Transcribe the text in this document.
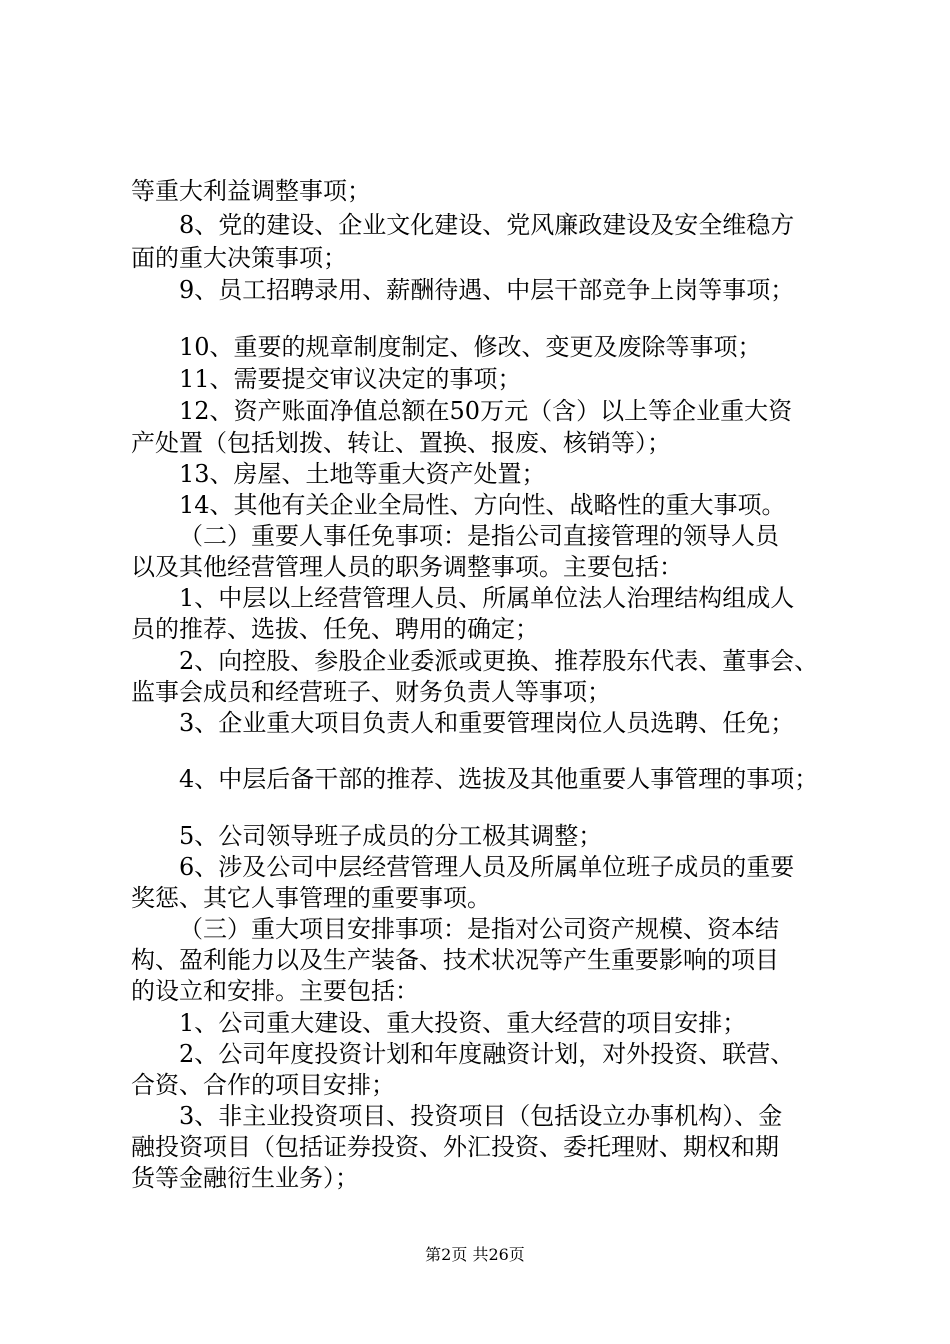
等重大利益调整事项；
8、党的建设、企业文化建设、党风廉政建设及安全维稳方
面的重大决策事项；
9、员工招聘录用、薪酬待遇、中层干部竞争上岗等事项；
10、重要的规章制度制定、修改、变更及废除等事项；
11、需要提交审议决定的事项；
12、资产账面净值总额在50万元（含）以上等企业重大资
产处置（包括划拨、转让、置换、报废、核销等）；
13、房屋、土地等重大资产处置；
14、其他有关企业全局性、方向性、战略性的重大事项。
（二）重要人事任免事项：是指公司直接管理的领导人员
以及其他经营管理人员的职务调整事项。主要包括：
1、中层以上经营管理人员、所属单位法人治理结构组成人
员的推荐、选拔、任免、聘用的确定；
2、向控股、参股企业委派或更换、推荐股东代表、董事会、
监事会成员和经营班子、财务负责人等事项；
3、企业重大项目负责人和重要管理岗位人员选聘、任免；
4、中层后备干部的推荐、选拔及其他重要人事管理的事项；
5、公司领导班子成员的分工极其调整；
6、涉及公司中层经营管理人员及所属单位班子成员的重要
奖惩、其它人事管理的重要事项。
（三）重大项目安排事项：是指对公司资产规模、资本结
构、盈利能力以及生产装备、技术状况等产生重要影响的项目
的设立和安排。主要包括：
1、公司重大建设、重大投资、重大经营的项目安排；
2、公司年度投资计划和年度融资计划，对外投资、联营、
合资、合作的项目安排；
3、非主业投资项目、投资项目（包括设立办事机构）、金
融投资项目（包括证券投资、外汇投资、委托理财、期权和期
货等金融衍生业务）；
第2页 共26页
